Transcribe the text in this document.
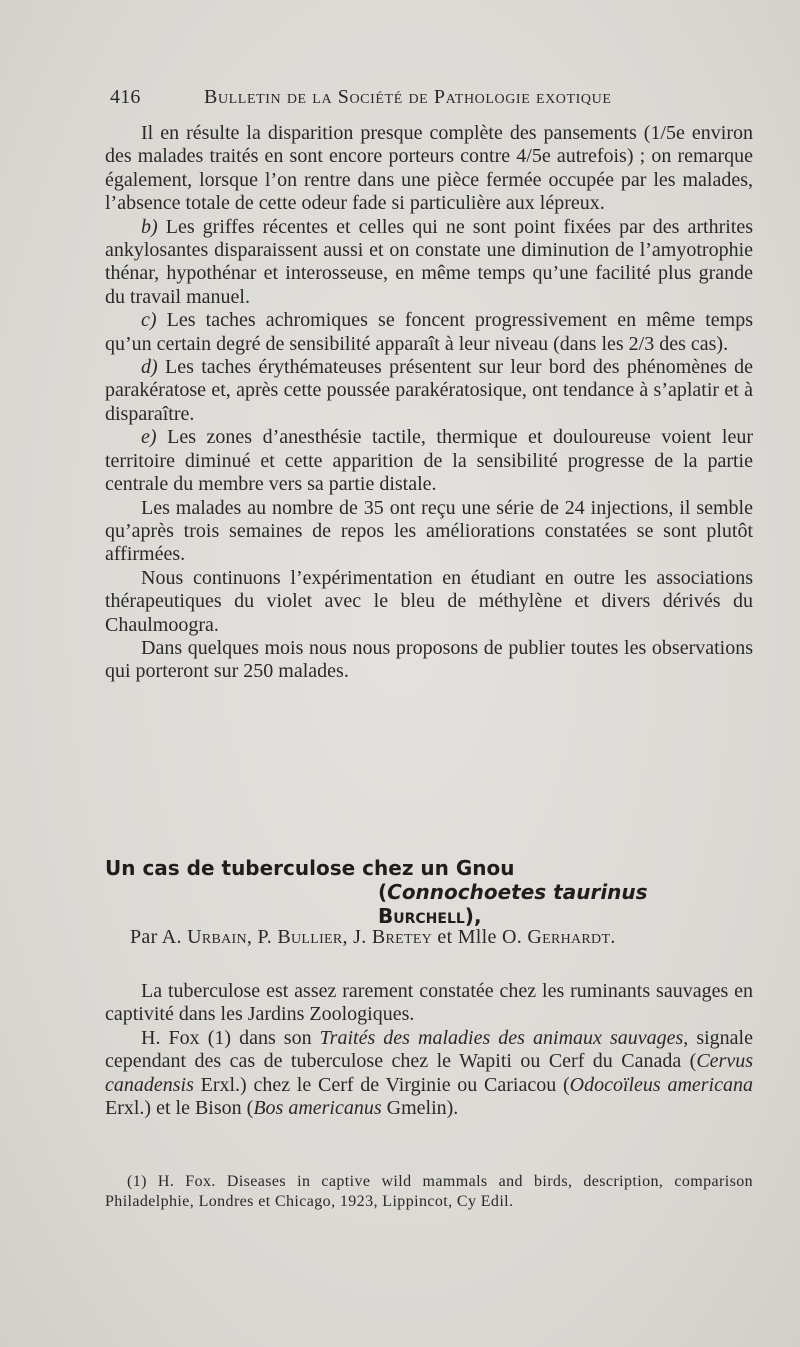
416	Bulletin de la Société de Pathologie exotique

Il en résulte la disparition presque complète des pansements (1/5e environ des malades traités en sont encore porteurs contre 4/5e autrefois) ; on remarque également, lorsque l’on rentre dans une pièce fermée occupée par les malades, l’absence totale de cette odeur fade si particulière aux lépreux.

b) Les griffes récentes et celles qui ne sont point fixées par des arthrites ankylosantes disparaissent aussi et on constate une diminution de l’amyotrophie thénar, hypothénar et interosseuse, en même temps qu’une facilité plus grande du travail manuel.

c) Les taches achromiques se foncent progressivement en même temps qu’un certain degré de sensibilité apparaît à leur niveau (dans les 2/3 des cas).

d) Les taches érythémateuses présentent sur leur bord des phénomènes de parakératose et, après cette poussée parakératosique, ont tendance à s’aplatir et à disparaître.

e) Les zones d’anesthésie tactile, thermique et douloureuse voient leur territoire diminué et cette apparition de la sensibilité progresse de la partie centrale du membre vers sa partie distale.

Les malades au nombre de 35 ont reçu une série de 24 injections, il semble qu’après trois semaines de repos les améliorations constatées se sont plutôt affirmées.

Nous continuons l’expérimentation en étudiant en outre les associations thérapeutiques du violet avec le bleu de méthylène et divers dérivés du Chaulmoogra.

Dans quelques mois nous nous proposons de publier toutes les observations qui porteront sur 250 malades.

Un cas de tuberculose chez un Gnou
(Connochoetes taurinus Burchell),
Par A. Urbain, P. Bullier, J. Bretey et Mlle O. Gerhardt.

La tuberculose est assez rarement constatée chez les ruminants sauvages en captivité dans les Jardins Zoologiques.

H. Fox (1) dans son Traités des maladies des animaux sauvages, signale cependant des cas de tuberculose chez le Wapiti ou Cerf du Canada (Cervus canadensis Erxl.) chez le Cerf de Virginie ou Cariacou (Odocoïleus americana Erxl.) et le Bison (Bos americanus Gmelin).

(1) H. Fox. Diseases in captive wild mammals and birds, description, comparison Philadelphie, Londres et Chicago, 1923, Lippincot, Cy Edil.
